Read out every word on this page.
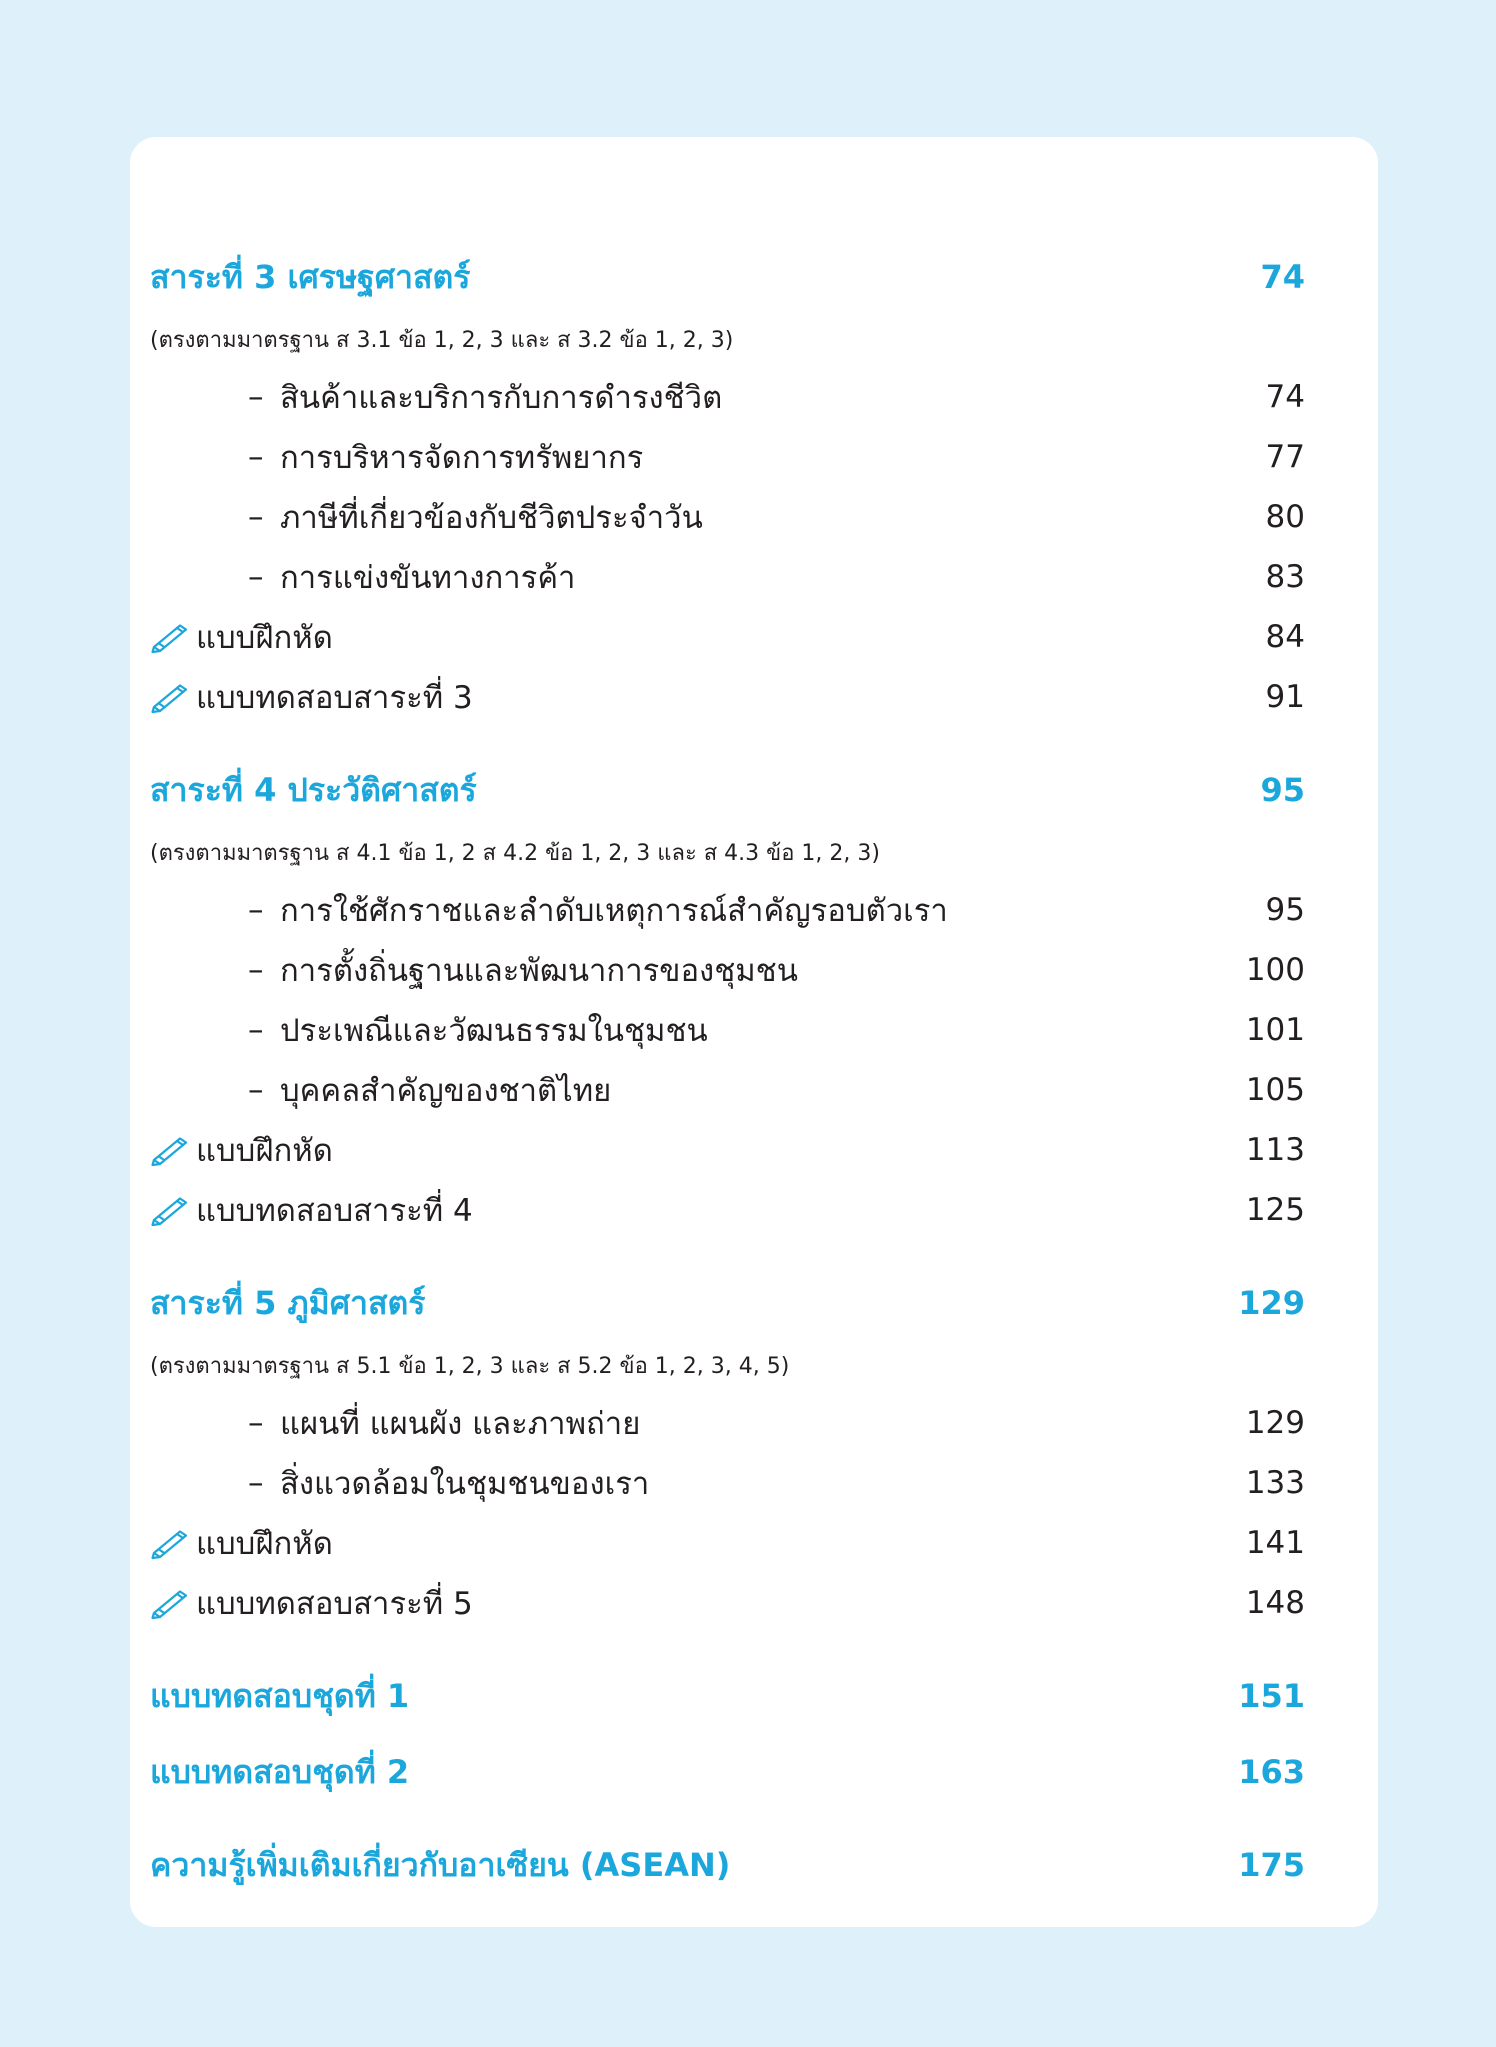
สาระที่ 3 เศรษฐศาสตร์	74
(ตรงตามมาตรฐาน ส 3.1 ข้อ 1, 2, 3 และ ส 3.2 ข้อ 1, 2, 3)
– สินค้าและบริการกับการดำรงชีวิต	74
– การบริหารจัดการทรัพยากร	77
– ภาษีที่เกี่ยวข้องกับชีวิตประจำวัน	80
– การแข่งขันทางการค้า	83
แบบฝึกหัด	84
แบบทดสอบสาระที่ 3	91
สาระที่ 4 ประวัติศาสตร์	95
(ตรงตามมาตรฐาน ส 4.1 ข้อ 1, 2 ส 4.2 ข้อ 1, 2, 3 และ ส 4.3 ข้อ 1, 2, 3)
– การใช้ศักราชและลำดับเหตุการณ์สำคัญรอบตัวเรา	95
– การตั้งถิ่นฐานและพัฒนาการของชุมชน	100
– ประเพณีและวัฒนธรรมในชุมชน	101
– บุคคลสำคัญของชาติไทย	105
แบบฝึกหัด	113
แบบทดสอบสาระที่ 4	125
สาระที่ 5 ภูมิศาสตร์	129
(ตรงตามมาตรฐาน ส 5.1 ข้อ 1, 2, 3 และ ส 5.2 ข้อ 1, 2, 3, 4, 5)
– แผนที่ แผนผัง และภาพถ่าย	129
– สิ่งแวดล้อมในชุมชนของเรา	133
แบบฝึกหัด	141
แบบทดสอบสาระที่ 5	148
แบบทดสอบชุดที่ 1	151
แบบทดสอบชุดที่ 2	163
ความรู้เพิ่มเติมเกี่ยวกับอาเซียน (ASEAN)	175
